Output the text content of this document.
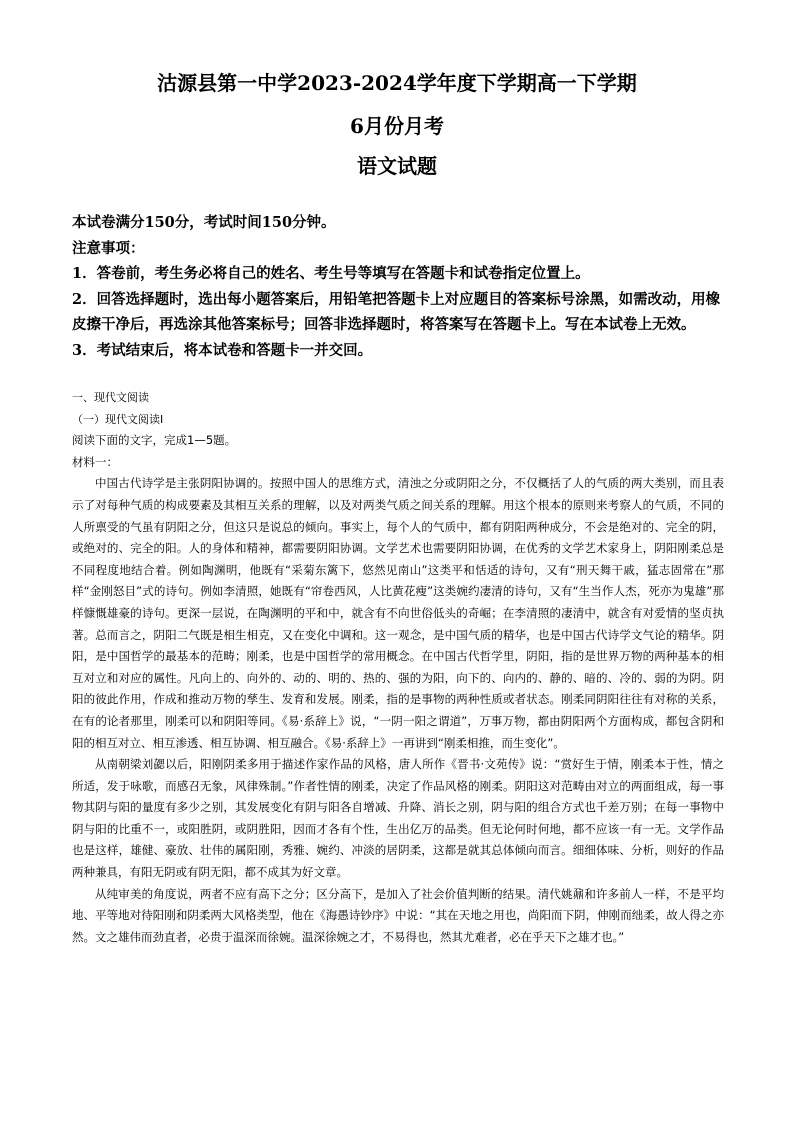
沽源县第一中学2023-2024学年度下学期高一下学期
6月份月考
语文试题

本试卷满分150分，考试时间150分钟。

注意事项：

1．答卷前，考生务必将自己的姓名、考生号等填写在答题卡和试卷指定位置上。

2．回答选择题时，选出每小题答案后，用铅笔把答题卡上对应题目的答案标号涂黑，如需改动，用橡皮擦干净后，再选涂其他答案标号；回答非选择题时，将答案写在答题卡上。写在本试卷上无效。

3．考试结束后，将本试卷和答题卡一并交回。

一、现代文阅读

（一）现代文阅读Ⅰ

阅读下面的文字，完成1—5题。

材料一：

中国古代诗学是主张阴阳协调的。按照中国人的思维方式，清浊之分或阴阳之分，不仅概括了人的气质的两大类别，而且表示了对每种气质的构成要素及其相互关系的理解，以及对两类气质之间关系的理解。用这个根本的原则来考察人的气质，不同的人所禀受的气虽有阴阳之分，但这只是说总的倾向。事实上，每个人的气质中，都有阴阳两种成分，不会是绝对的、完全的阴，或绝对的、完全的阳。人的身体和精神，都需要阴阳协调。文学艺术也需要阴阳协调，在优秀的文学艺术家身上，阴阳刚柔总是不同程度地结合着。例如陶渊明，他既有“采菊东篱下，悠然见南山”这类平和恬适的诗句，又有“刑天舞干戚，猛志固常在”那样“金刚怒目”式的诗句。例如李清照，她既有“帘卷西风，人比黄花瘦”这类婉约凄清的诗句，又有“生当作人杰，死亦为鬼雄”那样慷慨雄豪的诗句。更深一层说，在陶渊明的平和中，就含有不向世俗低头的奇崛；在李清照的凄清中，就含有对爱情的坚贞执著。总而言之，阴阳二气既是相生相克，又在变化中调和。这一观念，是中国气质的精华，也是中国古代诗学文气论的精华。阴阳，是中国哲学的最基本的范畴；刚柔，也是中国哲学的常用概念。在中国古代哲学里，阴阳，指的是世界万物的两种基本的相互对立和对应的属性。凡向上的、向外的、动的、明的、热的、强的为阳，向下的、向内的、静的、暗的、冷的、弱的为阴。阴阳的彼此作用，作成和推动万物的孳生、发育和发展。刚柔，指的是事物的两种性质或者状态。刚柔同阴阳往往有对称的关系，在有的论者那里，刚柔可以和阴阳等同。《易·系辞上》说，“一阴一阳之谓道”，万事万物，都由阴阳两个方面构成，都包含阴和阳的相互对立、相互渗透、相互协调、相互融合。《易·系辞上》一再讲到“刚柔相推，而生变化”。

从南朝梁刘勰以后，阳刚阴柔多用于描述作家作品的风格，唐人所作《晋书·文苑传》说：“赏好生于情，刚柔本于性，情之所适，发于咏歌，而感召无象，风律殊制。”作者性情的刚柔，决定了作品风格的刚柔。阴阳这对范畴由对立的两面组成，每一事物其阴与阳的量度有多少之别，其发展变化有阴与阳各自增减、升降、消长之别，阴与阳的组合方式也千差万别；在每一事物中阴与阳的比重不一，或阳胜阴，或阴胜阳，因而才各有个性，生出亿万的品类。但无论何时何地，都不应该一有一无。文学作品也是这样，雄健、豪放、壮伟的属阳刚，秀雅、婉约、冲淡的居阴柔，这都是就其总体倾向而言。细细体味、分析，则好的作品两种兼具，有阳无阴或有阴无阳，都不成其为好文章。

从纯审美的角度说，两者不应有高下之分；区分高下，是加入了社会价值判断的结果。清代姚鼐和许多前人一样，不是平均地、平等地对待阳刚和阴柔两大风格类型，他在《海愚诗钞序》中说：“其在天地之用也，尚阳而下阴，伸刚而绌柔，故人得之亦然。文之雄伟而劲直者，必贵于温深而徐婉。温深徐婉之才，不易得也，然其尤难者，必在乎天下之雄才也。”
